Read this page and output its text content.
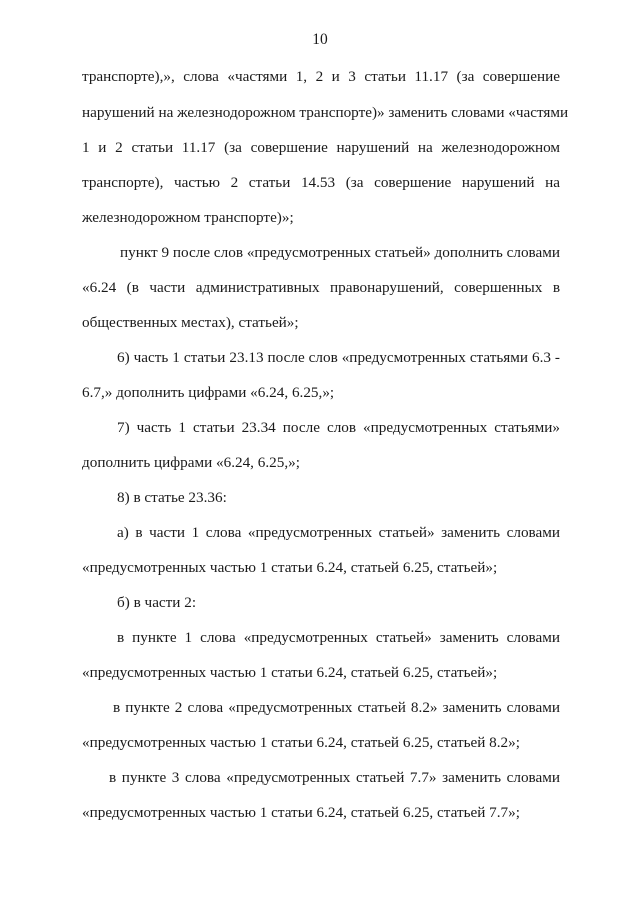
10
транспорте),», слова «частями 1, 2 и 3 статьи 11.17 (за совершение
нарушений на железнодорожном транспорте)» заменить словами «частями
1 и 2 статьи 11.17 (за совершение нарушений на железнодорожном
транспорте), частью 2 статьи 14.53 (за совершение нарушений на
железнодорожном транспорте)»;
пункт 9 после слов «предусмотренных статьей» дополнить словами
«6.24 (в части административных правонарушений, совершенных в
общественных местах), статьей»;
6) часть 1 статьи 23.13 после слов «предусмотренных статьями 6.3 -
6.7,» дополнить цифрами «6.24, 6.25,»;
7) часть 1 статьи 23.34 после слов «предусмотренных статьями»
дополнить цифрами «6.24, 6.25,»;
8) в статье 23.36:
а) в части 1 слова «предусмотренных статьей» заменить словами
«предусмотренных частью 1 статьи 6.24, статьей 6.25, статьей»;
б) в части 2:
в пункте 1 слова «предусмотренных статьей» заменить словами
«предусмотренных частью 1 статьи 6.24, статьей 6.25, статьей»;
в пункте 2 слова «предусмотренных статьей 8.2» заменить словами
«предусмотренных частью 1 статьи 6.24, статьей 6.25, статьей 8.2»;
в пункте 3 слова «предусмотренных статьей 7.7» заменить словами
«предусмотренных частью 1 статьи 6.24, статьей 6.25, статьей 7.7»;
